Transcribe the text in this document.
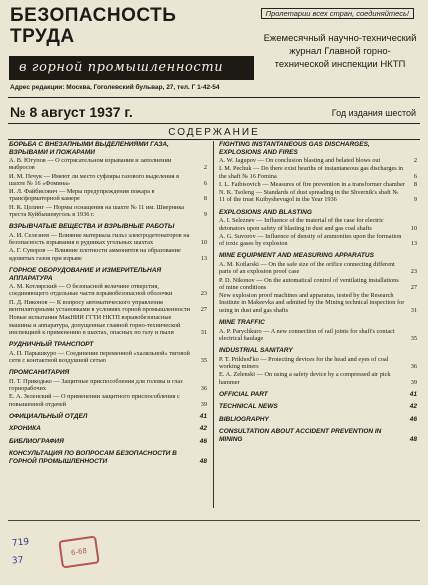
БЕЗОПАСНОСТЬ
ТРУДА
Пролетарии всех стран, соединяйтесь!
в горной промышленности
Ежемесячный научно-технический журнал Главной горно-технической инспекции НКТП
Адрес редакции: Москва, Гоголевский бульвар, 27, тел. Г 1-42-54
№ 8 август 1937 г.	Год издания шестой
СОДЕРЖАНИЕ
БОРЬБА С ВНЕЗАПНЫМИ ВЫДЕЛЕНИЯМИ ГАЗА, ВЗРЫВАМИ И ПОЖАРАМИ
А. В. Югупов — О сотрясательном взрывании и заполнении выбросов	2
И. М. Печук — Имеют ли место суфляры газового выделения в шахте № 16 «Фомина»	6
И. Л. Файбисович — Меры предупреждения пожара в трансформаторной камере	8
Н. К. Цолинг — Нормы оснащения на шахте № 11 им. Шверника треста Куйбышевуголь в 1936 г.	9
ВЗРЫВЧАТЫЕ ВЕЩЕСТВА И ВЗРЫВНЫЕ РАБОТЫ
А. И. Селезнев — Влияние материала гильз электродетонаторов на безопасность взрывания в рудниках угольных шахтах	10
А. Г. Суворов — Влияние плотности аммонитов на образование ядовитых газов при взрыве	13
ГОРНОЕ ОБОРУДОВАНИЕ И ИЗМЕРИТЕЛЬНАЯ АППАРАТУРА
А. М. Котлярский — О безопасной величине отверстия, соединяющего отдельные части взрывобезопасной оболочки	23
П. Д. Никонов — К вопросу автоматического управления вентиляторными установками в условиях горной промышленности 27
Новые испытания МакНИИ ГГТИ НКТП взрывобезопасные машины и аппаратура, допущенные главной горно-технической инспекцией к применению в шахтах, опасных по газу и пыли	31
РУДНИЧНЫЙ ТРАНСПОРТ
А. П. Парышкуро — Соединение переменной «халяльной» тяговой сети с контактной воздушной сетью	35
ПРОМСАНИТАРИЯ
П. Т. Прикодько — Защитные приспособления для головы и глаз горнорабочих	36
Е. А. Зеленский — О применении защитного приспособления с повышенной отдачей	39
ОФИЦИАЛЬНЫЙ ОТДЕЛ	41
ХРОНИКА	42
БИБЛИОГРАФИЯ	46
КОНСУЛЬТАЦИЯ ПО ВОПРОСАМ БЕЗОПАСНОСТИ В ГОРНОЙ ПРОМЫШЛЕННОСТИ	48
FIGHTING INSTANTANEOUS GAS DISCHARGES, EXPLOSIONS AND FIRES
A. W. Jagupov — On conclusion blasting and belated blows out	2
I. M. Pechuk — Do there exist hearths of instantaneous gas discharges in the shaft № 16 Fomina	6
I. L. Faibisovich — Measures of fire prevention in a transformer chamber 8
N. K. Tsoleng — Standards of dust spreading in the Shvernik's shaft № 11 of the trust Kuibyshevugol in the Year 1936	9
EXPLOSIONS AND BLASTING
A. I. Seleznev — Influence of the material of the case for electric detonators upon safety of blasting in dust and gas coal shafts	10
A. G. Suvorov — Influence of density of ammonites upon the formation of toxic gases by explosion	13
MINE EQUIPMENT AND MEASURING APPARATUS
A. M. Kotlarski — On the safe size of the orifice connecting different parts of an explosion proof case	23
P. D. Nikonov — On the automatical control of ventilating installations of mine conditions	27
New explosion proof machines and apparatus, tested by the Research Institute in Makeevka and admited by the Mining technical inspection for using in dust and gas shafts	31
MINE TRAFFIC
A. P. Parychkuro — A new connection of rail joints for shaft's contact electrical haulage	35
INDUSTRIAL SANITARY
P. T. Prikhod'ko — Protecting devices for the head and eyes of coal working miners	36
E. A. Zelenski — On using a safety device by a compressed air pick hammer	39
OFFICIAL PART	41
TECHNICAL NEWS	42
BIBLIOGRAPHY	46
CONSULTATION ABOUT ACCIDENT PREVENTION IN MINING	48
719
37
6-68
